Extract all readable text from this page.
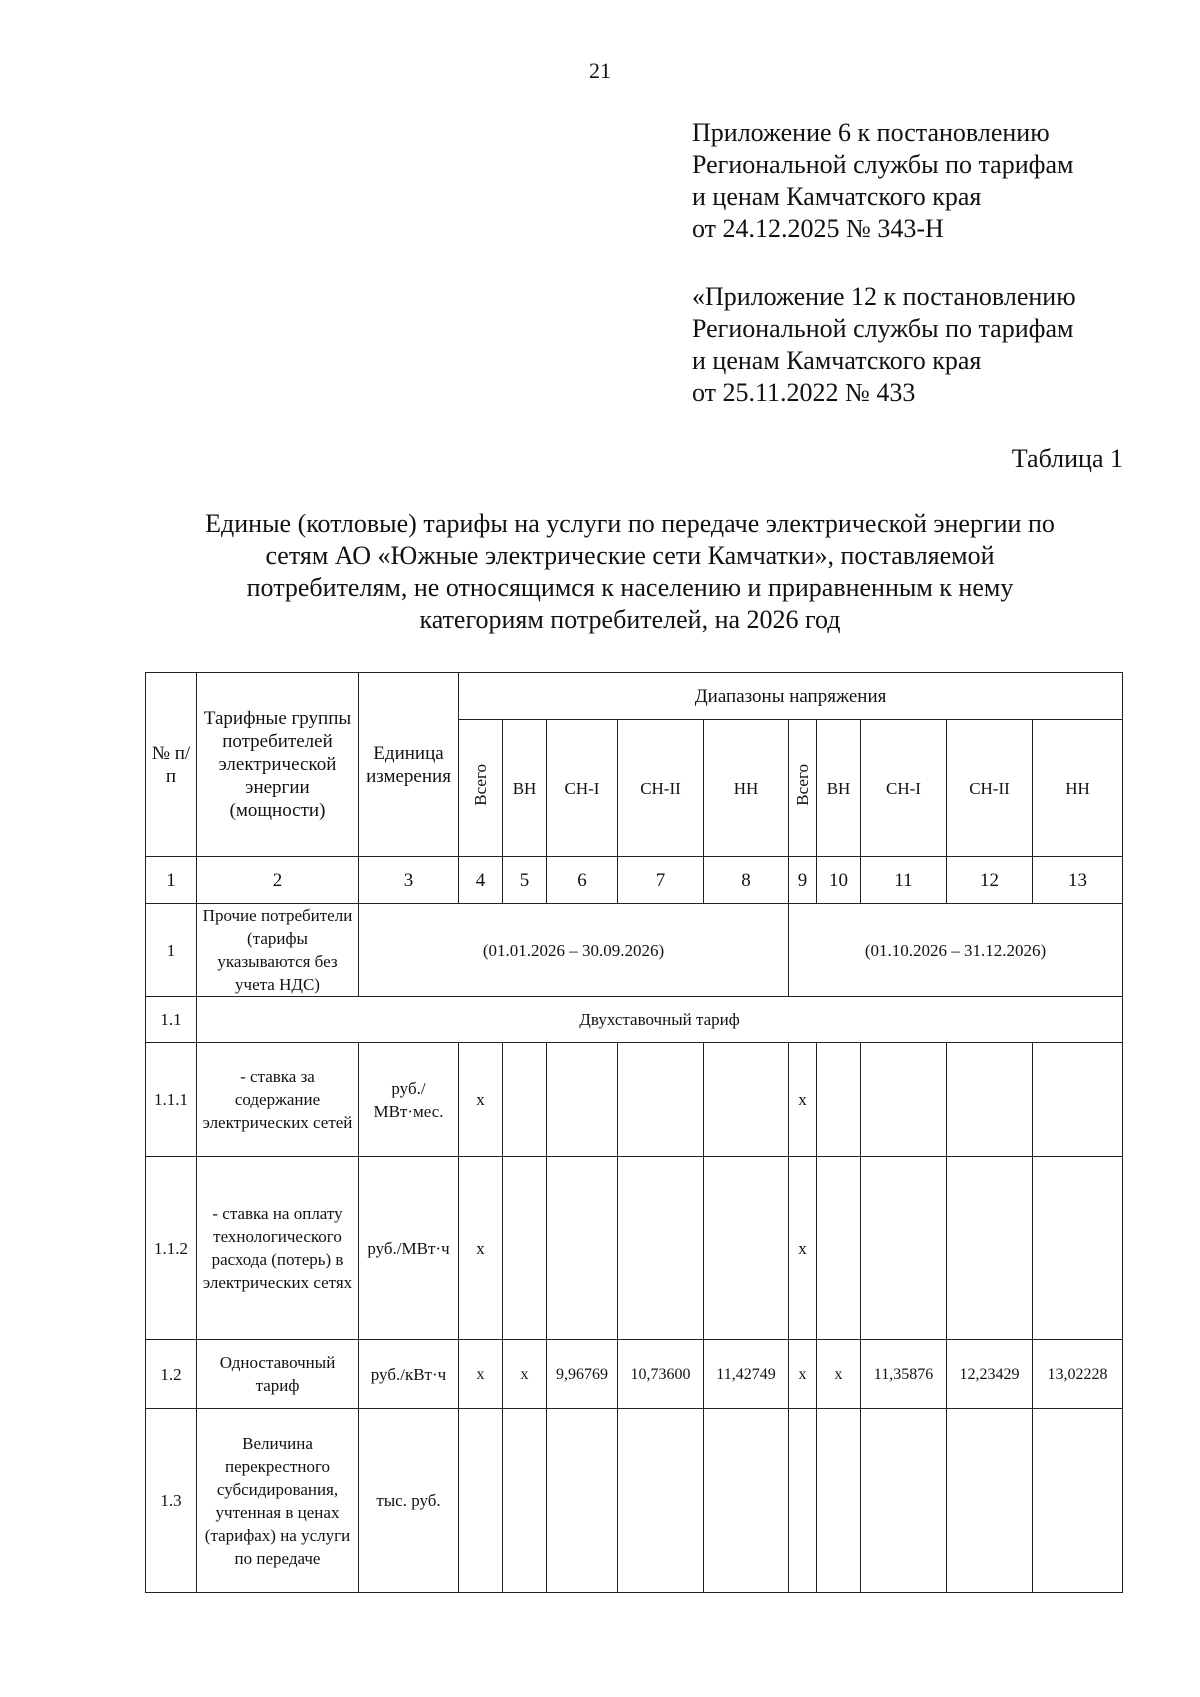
21
Приложение 6 к постановлению
Региональной службы по тарифам
и ценам Камчатского края
от 24.12.2025 № 343-Н
«Приложение 12 к постановлению
Региональной службы по тарифам
и ценам Камчатского края
от 25.11.2022 № 433
Таблица 1
Единые (котловые) тарифы на услуги по передаче электрической энергии по
сетям АО «Южные электрические сети Камчатки», поставляемой
потребителям, не относящимся к населению и приравненным к нему
категориям потребителей, на 2026 год
№ п/п	Тарифные группы потребителей электрической энергии (мощности)	Единица измерения	Диапазоны напряжения									
			Всего	ВН	СН-I	СН-II	НН	Всего	ВН	СН-I	СН-II	НН
1	2	3	4	5	6	7	8	9	10	11	12	13
1	Прочие потребители (тарифы указываются без учета НДС)	(01.01.2026 – 30.09.2026)						(01.10.2026 – 31.12.2026)				
1.1	Двухставочный тариф											
1.1.1	- ставка за содержание электрических сетей	руб./МВт·мес.	x					x				
1.1.2	- ставка на оплату технологического расхода (потерь) в электрических сетях	руб./МВт·ч	x					x				
1.2	Одноставочный тариф	руб./кВт·ч	x	x	9,96769	10,73600	11,42749	x	x	11,35876	12,23429	13,02228
1.3	Величина перекрестного субсидирования, учтенная в ценах (тарифах) на услуги по передаче	тыс. руб.										
